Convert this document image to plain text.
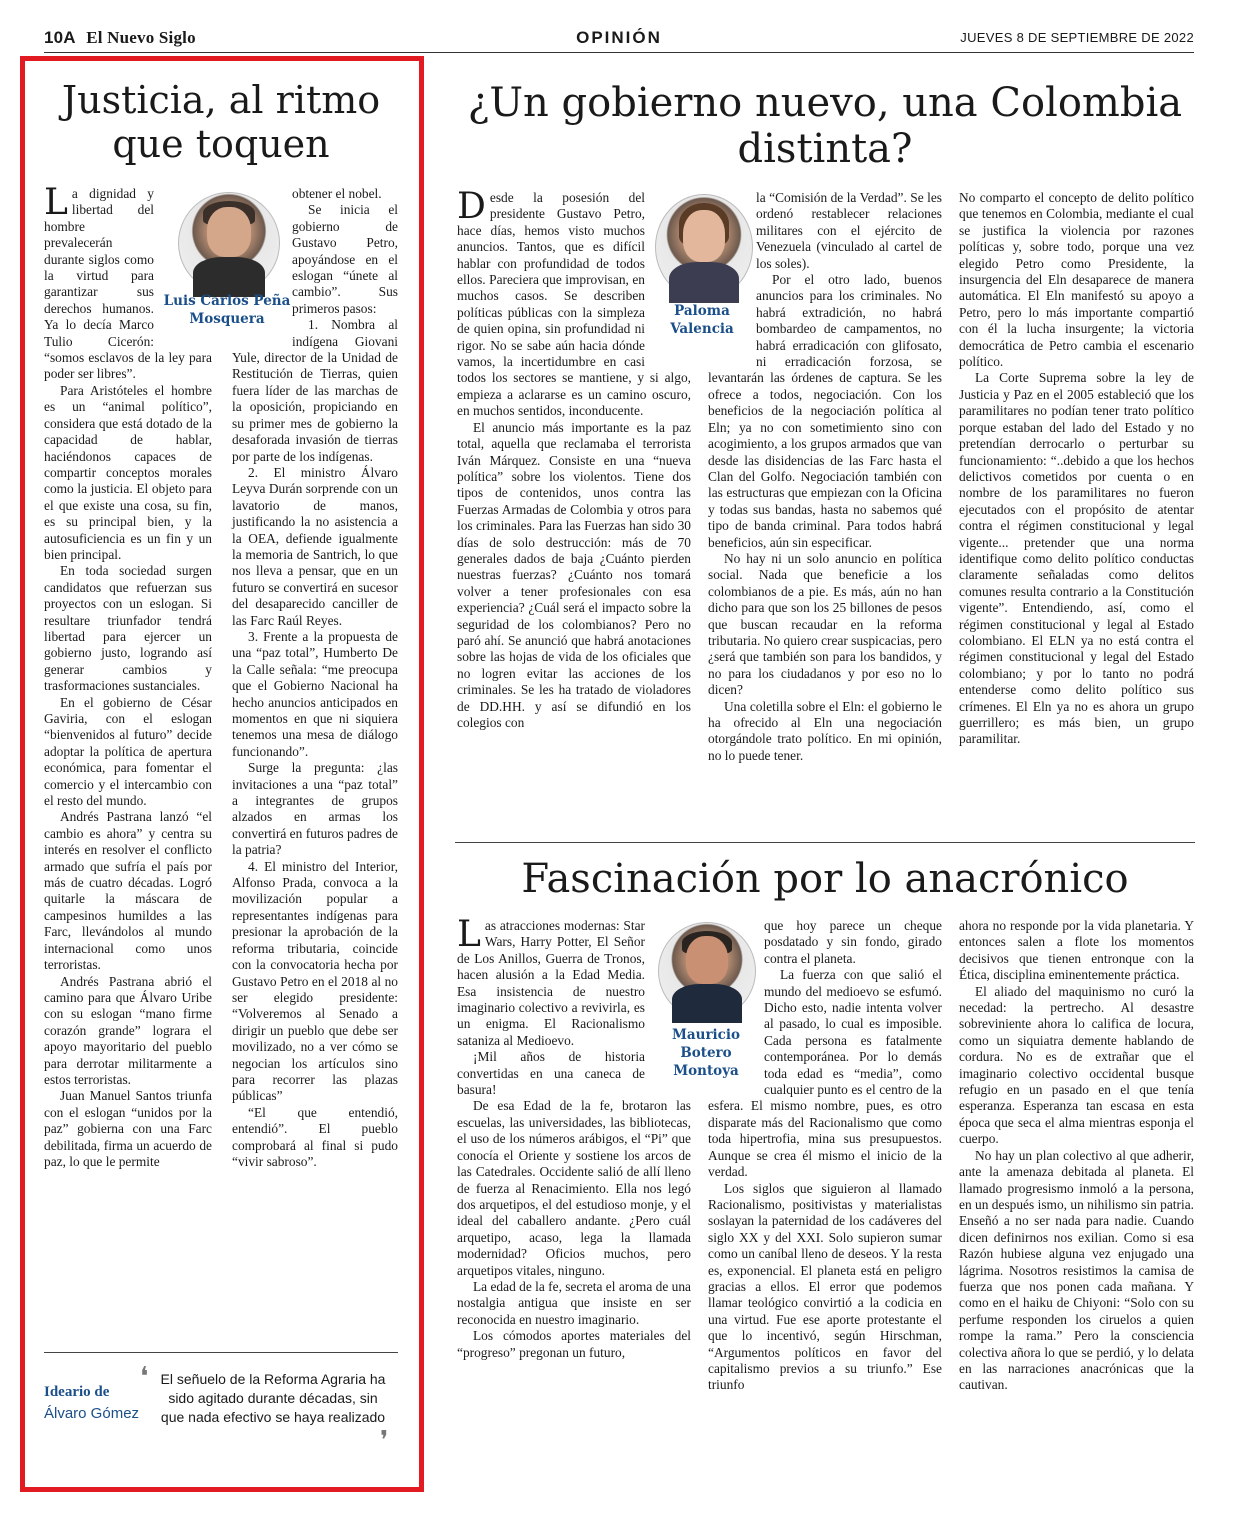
10A El Nuevo Siglo	OPINIÓN	JUEVES 8 DE SEPTIEMBRE DE 2022
Justicia, al ritmo que toquen
Luis Carlos Peña Mosquera

La dignidad y libertad del hombre prevalecerán durante siglos como la virtud para garantizar sus derechos humanos. Ya lo decía Marco Tulio Cicerón: “somos esclavos de la ley para poder ser libres”.

Para Aristóteles el hombre es un “animal político”, considera que está dotado de la capacidad de hablar, haciéndonos capaces de compartir conceptos morales como la justicia. El objeto para el que existe una cosa, su fin, es su principal bien, y la autosuficiencia es un fin y un bien principal.

En toda sociedad surgen candidatos que refuerzan sus proyectos con un eslogan. Si resultare triunfador tendrá libertad para ejercer un gobierno justo, logrando así generar cambios y trasformaciones sustanciales.

En el gobierno de César Gaviria, con el eslogan “bienvenidos al futuro” decide adoptar la política de apertura económica, para fomentar el comercio y el intercambio con el resto del mundo.

Andrés Pastrana lanzó “el cambio es ahora” y centra su interés en resolver el conflicto armado que sufría el país por más de cuatro décadas. Logró quitarle la máscara de campesinos humildes a las Farc, llevándolos al mundo internacional como unos terroristas.

Andrés Pastrana abrió el camino para que Álvaro Uribe con su eslogan “mano firme corazón grande” lograra el apoyo mayoritario del pueblo para derrotar militarmente a estos terroristas.

Juan Manuel Santos triunfa con el eslogan “unidos por la paz” gobierna con una Farc debilitada, firma un acuerdo de paz, lo que le permite

obtener el nobel.

Se inicia el gobierno de Gustavo Petro, apoyándose en el eslogan “únete al cambio”. Sus primeros pasos:

1. Nombra al indígena Giovani Yule, director de la Unidad de Restitución de Tierras, quien fuera líder de las marchas de la oposición, propiciando en su primer mes de gobierno la desaforada invasión de tierras por parte de los indígenas.

2. El ministro Álvaro Leyva Durán sorprende con un lavatorio de manos, justificando la no asistencia a la OEA, defiende igualmente la memoria de Santrich, lo que nos lleva a pensar, que en un futuro se convertirá en sucesor del desaparecido canciller de las Farc Raúl Reyes.

3. Frente a la propuesta de una “paz total”, Humberto De la Calle señala: “me preocupa que el Gobierno Nacional ha hecho anuncios anticipados en momentos en que ni siquiera tenemos una mesa de diálogo funcionando”.

Surge la pregunta: ¿las invitaciones a una “paz total” a integrantes de grupos alzados en armas los convertirá en futuros padres de la patria?

4. El ministro del Interior, Alfonso Prada, convoca a la movilización popular a representantes indígenas para presionar la aprobación de la reforma tributaria, coincide con la convocatoria hecha por Gustavo Petro en el 2018 al no ser elegido presidente: “Volveremos al Senado a dirigir un pueblo que debe ser movilizado, no a ver cómo se negocian los artículos sino para recorrer las plazas públicas”

“El que entendió, entendió”. El pueblo comprobará al final si pudo “vivir sabroso”.

Ideario de
Álvaro Gómez
❛ El señuelo de la Reforma Agraria ha sido agitado durante décadas, sin que nada efectivo se haya realizado
❜
¿Un gobierno nuevo, una Colombia distinta?
Paloma Valencia

Desde la posesión del presidente Gustavo Petro, hace días, hemos visto muchos anuncios. Tantos, que es difícil hablar con profundidad de todos ellos. Pareciera que improvisan, en muchos casos. Se describen políticas públicas con la simpleza de quien opina, sin profundidad ni rigor. No se sabe aún hacia dónde vamos, la incertidumbre en casi todos los sectores se mantiene, y si algo, empieza a aclararse es un camino oscuro, en muchos sentidos, inconducente.

El anuncio más importante es la paz total, aquella que reclamaba el terrorista Iván Márquez. Consiste en una “nueva política” sobre los violentos. Tiene dos tipos de contenidos, unos contra las Fuerzas Armadas de Colombia y otros para los criminales. Para las Fuerzas han sido 30 días de solo destrucción: más de 70 generales dados de baja ¿Cuánto pierden nuestras fuerzas? ¿Cuánto nos tomará volver a tener profesionales con esa experiencia? ¿Cuál será el impacto sobre la seguridad de los colombianos? Pero no paró ahí. Se anunció que habrá anotaciones sobre las hojas de vida de los oficiales que no logren evitar las acciones de los criminales. Se les ha tratado de violadores de DD.HH. y así se difundió en los colegios con

la “Comisión de la Verdad”. Se les ordenó restablecer relaciones militares con el ejército de Venezuela (vinculado al cartel de los soles).

Por el otro lado, buenos anuncios para los criminales. No habrá extradición, no habrá bombardeo de campamentos, no habrá erradicación con glifosato, ni erradicación forzosa, se levantarán las órdenes de captura. Se les ofrece a todos, negociación. Con los beneficios de la negociación política al Eln; ya no con sometimiento sino con acogimiento, a los grupos armados que van desde las disidencias de las Farc hasta el Clan del Golfo. Negociación también con las estructuras que empiezan con la Oficina y todas sus bandas, hasta no sabemos qué tipo de banda criminal. Para todos habrá beneficios, aún sin especificar.

No hay ni un solo anuncio en política social. Nada que beneficie a los colombianos de a pie. Es más, aún no han dicho para que son los 25 billones de pesos que buscan recaudar en la reforma tributaria. No quiero crear suspicacias, pero ¿será que también son para los bandidos, y no para los ciudadanos y por eso no lo dicen?

Una coletilla sobre el Eln: el gobierno le ha ofrecido al Eln una negociación otorgándole trato político. En mi opinión, no lo puede tener.

No comparto el concepto de delito político que tenemos en Colombia, mediante el cual se justifica la violencia por razones políticas y, sobre todo, porque una vez elegido Petro como Presidente, la insurgencia del Eln desaparece de manera automática. El Eln manifestó su apoyo a Petro, pero lo más importante compartió con él la lucha insurgente; la victoria democrática de Petro cambia el escenario político.

La Corte Suprema sobre la ley de Justicia y Paz en el 2005 estableció que los paramilitares no podían tener trato político porque estaban del lado del Estado y no pretendían derrocarlo o perturbar su funcionamiento: “..debido a que los hechos delictivos cometidos por cuenta o en nombre de los paramilitares no fueron ejecutados con el propósito de atentar contra el régimen constitucional y legal vigente... pretender que una norma identifique como delito político conductas claramente señaladas como delitos comunes resulta contrario a la Constitución vigente”. Entendiendo, así, como el régimen constitucional y legal al Estado colombiano. El ELN ya no está contra el régimen constitucional y legal del Estado colombiano; y por lo tanto no podrá entenderse como delito político sus crímenes. El Eln ya no es ahora un grupo guerrillero; es más bien, un grupo paramilitar.

Fascinación por lo anacrónico
Mauricio Botero Montoya

Las atracciones modernas: Star Wars, Harry Potter, El Señor de Los Anillos, Guerra de Tronos, hacen alusión a la Edad Media. Esa insistencia de nuestro imaginario colectivo a revivirla, es un enigma. El Racionalismo sataniza al Medioevo.

¡Mil años de historia convertidas en una caneca de basura!

De esa Edad de la fe, brotaron las escuelas, las universidades, las bibliotecas, el uso de los números arábigos, el “Pi” que conocía el Oriente y sostiene los arcos de las Catedrales. Occidente salió de allí lleno de fuerza al Renacimiento. Ella nos legó dos arquetipos, el del estudioso monje, y el ideal del caballero andante. ¿Pero cuál arquetipo, acaso, lega la llamada modernidad? Oficios muchos, pero arquetipos vitales, ninguno.

La edad de la fe, secreta el aroma de una nostalgia antigua que insiste en ser reconocida en nuestro imaginario.

Los cómodos aportes materiales del “progreso” pregonan un futuro,

que hoy parece un cheque posdatado y sin fondo, girado contra el planeta.

La fuerza con que salió el mundo del medioevo se esfumó. Dicho esto, nadie intenta volver al pasado, lo cual es imposible. Cada persona es fatalmente contemporánea. Por lo demás toda edad es “media”, como cualquier punto es el centro de la esfera. El mismo nombre, pues, es otro disparate más del Racionalismo que como toda hipertrofia, mina sus presupuestos. Aunque se crea él mismo el inicio de la verdad.

Los siglos que siguieron al llamado Racionalismo, positivistas y materialistas soslayan la paternidad de los cadáveres del siglo XX y del XXI. Solo supieron sumar como un caníbal lleno de deseos. Y la resta es, exponencial. El planeta está en peligro gracias a ellos. El error que podemos llamar teológico convirtió a la codicia en una virtud. Fue ese aporte protestante el que lo incentivó, según Hirschman, “Argumentos políticos en favor del capitalismo previos a su triunfo.” Ese triunfo

ahora no responde por la vida planetaria. Y entonces salen a flote los momentos decisivos que tienen entronque con la Ética, disciplina eminentemente práctica.

El aliado del maquinismo no curó la necedad: la pertrecho. Al desastre sobreviniente ahora lo califica de locura, como un siquiatra demente hablando de cordura. No es de extrañar que el imaginario colectivo occidental busque refugio en un pasado en el que tenía esperanza. Esperanza tan escasa en esta época que seca el alma mientras esponja el cuerpo.

No hay un plan colectivo al que adherir, ante la amenaza debitada al planeta. El llamado progresismo inmoló a la persona, en un después ismo, un nihilismo sin patria. Enseñó a no ser nada para nadie. Cuando dicen definirnos nos exilian. Como si esa Razón hubiese alguna vez enjugado una lágrima. Nosotros resistimos la camisa de fuerza que nos ponen cada mañana. Y como en el haiku de Chiyoni: “Solo con su perfume responden los ciruelos a quien rompe la rama.” Pero la consciencia colectiva añora lo que se perdió, y lo delata en las narraciones anacrónicas que la cautivan.
